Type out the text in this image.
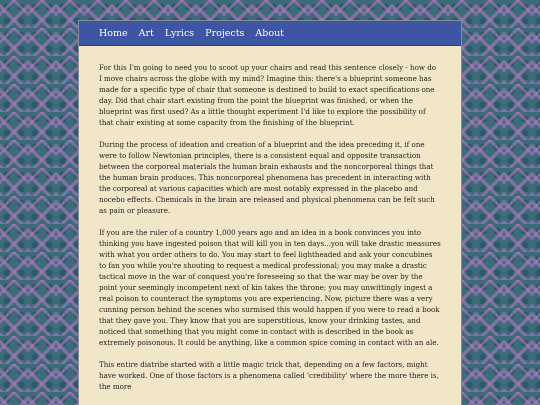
Home Art Lyrics Projects About

For this I'm going to need you to scoot up your chairs and read this sentence closely - how do I move chairs across the globe with my mind? Imagine this: there's a blueprint someone has made for a specific type of chair that someone is destined to build to exact specifications one day. Did that chair start existing from the point the blueprint was finished, or when the blueprint was first used? As a little thought experiment I'd like to explore the possibility of that chair existing at some capacity from the finishing of the blueprint.

During the process of ideation and creation of a blueprint and the idea preceding it, if one were to follow Newtonian principles, there is a consistent equal and opposite transaction between the corporeal materials the human brain exhausts and the noncorporeal things that the human brain produces. This noncorporeal phenomena has precedent in interacting with the corporeal at various capacities which are most notably expressed in the placebo and nocebo effects. Chemicals in the brain are released and physical phenomena can be felt such as pain or pleasure.

If you are the ruler of a country 1,000 years ago and an idea in a book convinces you into thinking you have ingested poison that will kill you in ten days...you will take drastic measures with what you order others to do. You may start to feel lightheaded and ask your concubines to fan you while you're shouting to request a medical professional; you may make a drastic tactical move in the war of conquest you're foreseeing so that the war may be over by the point your seemingly incompetent next of kin takes the throne; you may unwittingly ingest a real poison to counteract the symptoms you are experiencing. Now, picture there was a very cunning person behind the scenes who surmised this would happen if you were to read a book that they gave you. They know that you are superstitious, know your drinking tastes, and noticed that something that you might come in contact with is described in the book as extremely poisonous. It could be anything, like a common spice coming in contact with an ale.

This entire diatribe started with a little magic trick that, depending on a few factors, might have worked. One of those factors is a phenomena called 'credibility' where the more there is, the more
